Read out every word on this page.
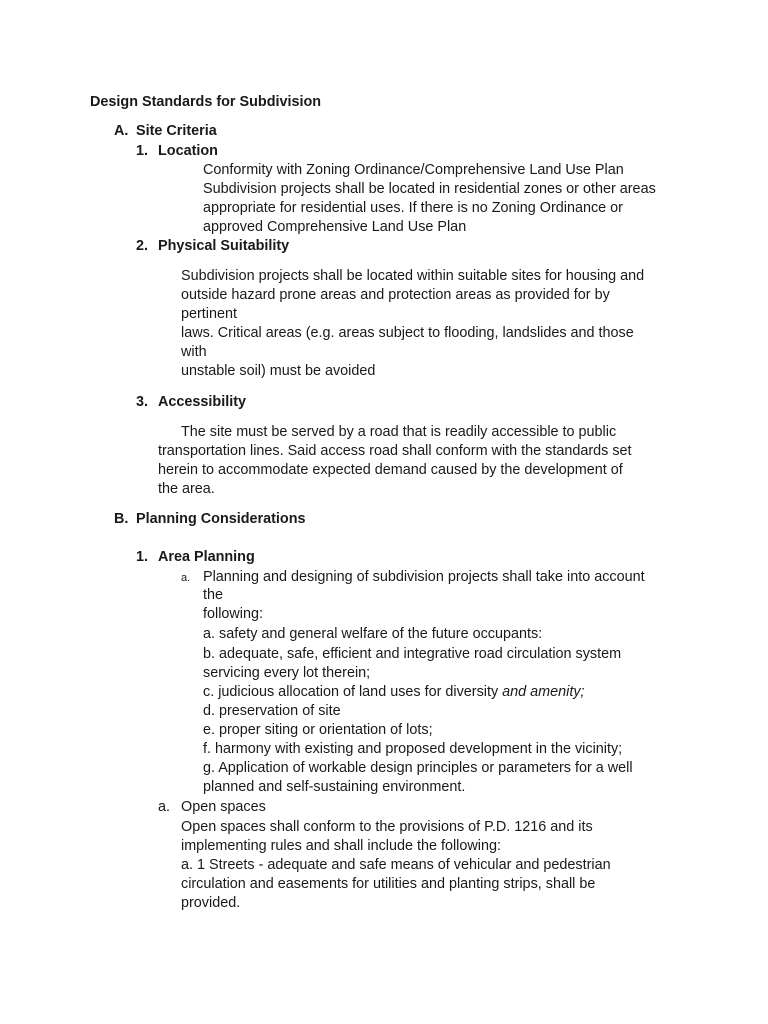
Design Standards for Subdivision
A. Site Criteria
1. Location
Conformity with Zoning Ordinance/Comprehensive Land Use Plan
Subdivision projects shall be located in residential zones or other areas
appropriate for residential uses. If there is no Zoning Ordinance or
approved Comprehensive Land Use Plan
2. Physical Suitability
Subdivision projects shall be located within suitable sites for housing and
outside hazard prone areas and protection areas as provided for by
pertinent
laws. Critical areas (e.g. areas subject to flooding, landslides and those
with
unstable soil) must be avoided
3. Accessibility
The site must be served by a road that is readily accessible to public
transportation lines. Said access road shall conform with the standards set
herein to accommodate expected demand caused by the development of
the area.
B. Planning Considerations
1. Area Planning
a. Planning and designing of subdivision projects shall take into account
the
following:
a. safety and general welfare of the future occupants:
b. adequate, safe, efficient and integrative road circulation system
servicing every lot therein;
c. judicious allocation of land uses for diversity and amenity;
d. preservation of site
e. proper siting or orientation of lots;
f. harmony with existing and proposed development in the vicinity;
g. Application of workable design principles or parameters for a well
planned and self-sustaining environment.
a. Open spaces
Open spaces shall conform to the provisions of P.D. 1216 and its
implementing rules and shall include the following:
a. 1 Streets - adequate and safe means of vehicular and pedestrian
circulation and easements for utilities and planting strips, shall be
provided.
